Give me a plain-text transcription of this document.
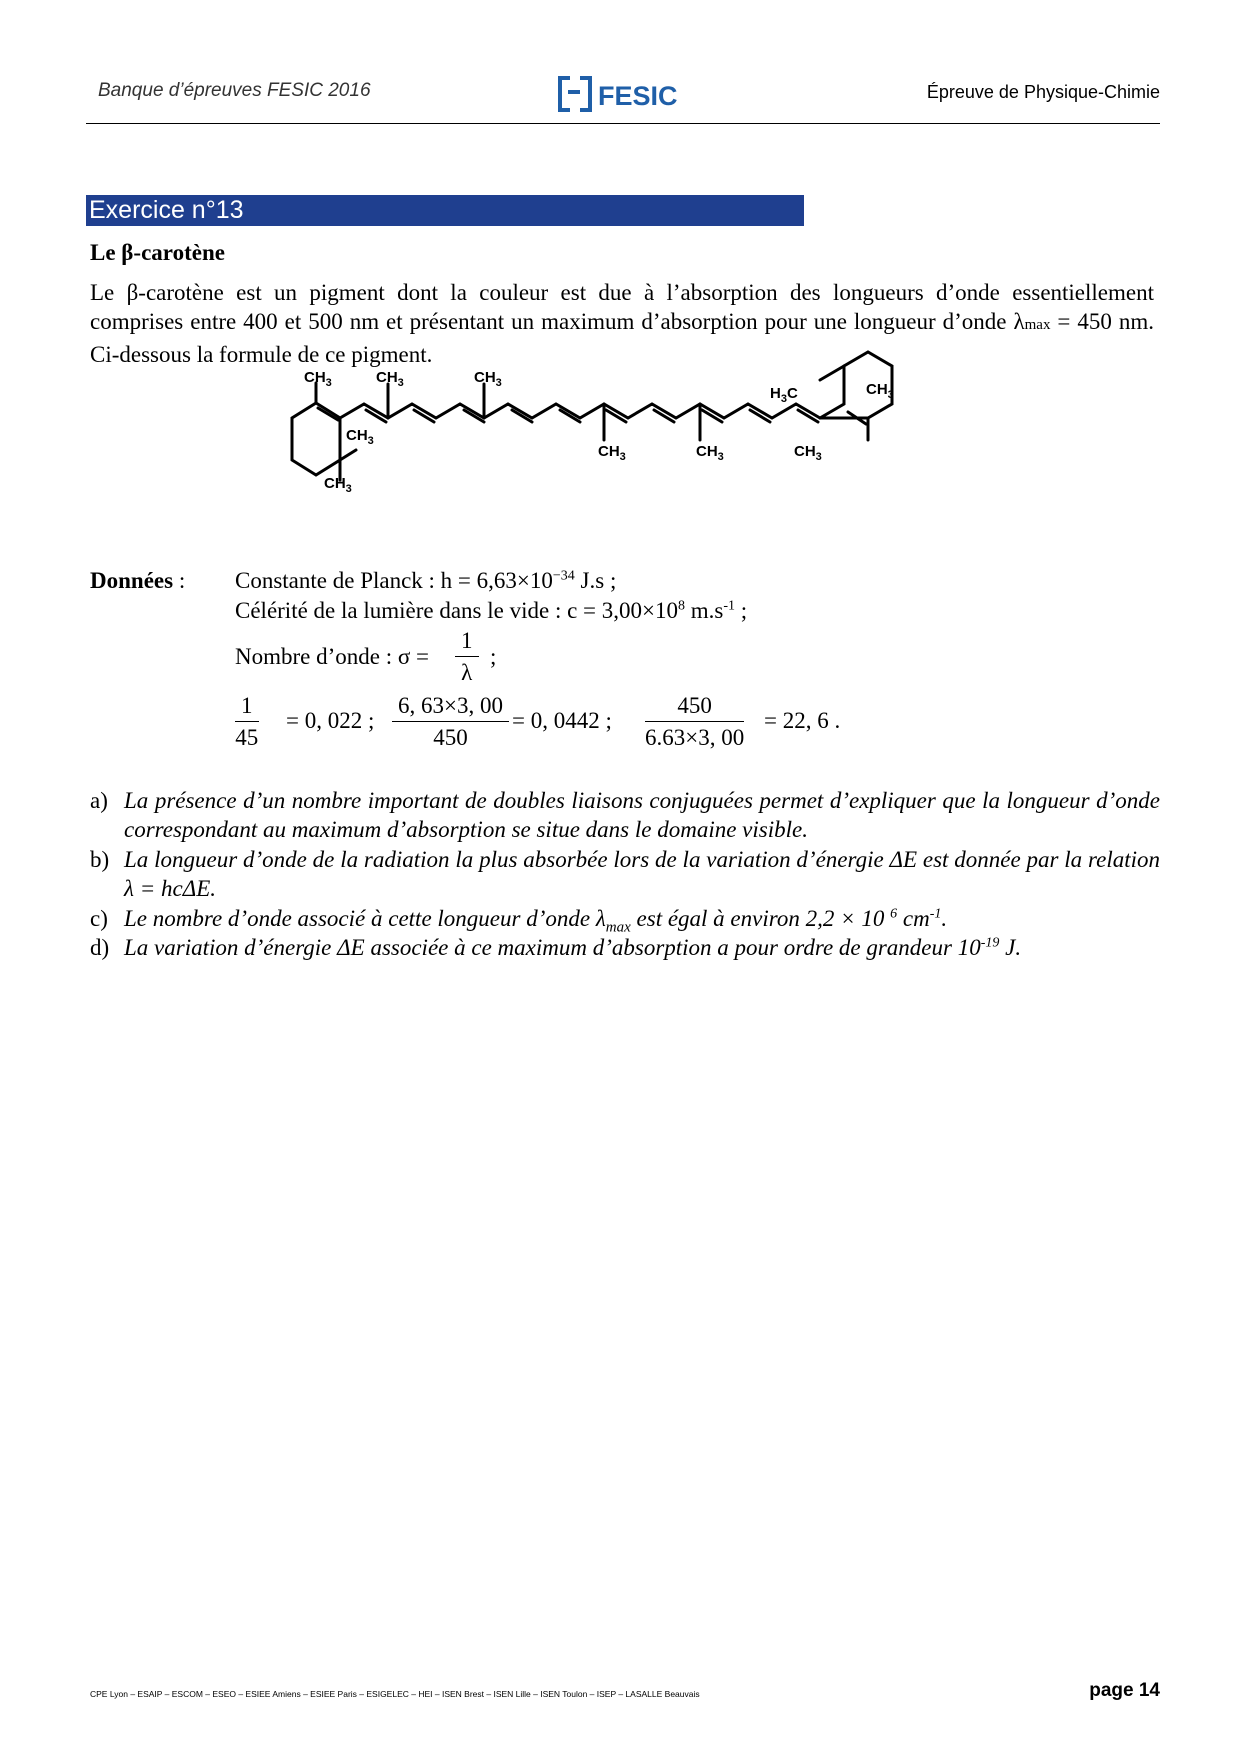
Banque d’épreuves FESIC 2016	FESIC	Épreuve de Physique-Chimie
Exercice n°13
Le β-carotène
Le β-carotène est un pigment dont la couleur est due à l’absorption des longueurs d’onde essentiellement comprises entre 400 et 500 nm et présentant un maximum d’absorption pour une longueur d’onde λmax = 450 nm. Ci-dessous la formule de ce pigment.
$CH_3$
$CH_3$
$CH_3$
$CH_3$	$CH_3$
$CH_3$	$CH_3$	$CH_3$
$H_3C$	$CH_3$
Données : Constante de Planck : $h = 6,63\times 10^{-34}$ J.s ;
Célérité de la lumière dans le vide : $c = 3,00\times 10^8$ $m.s^{-1}$ ;
Nombre d’onde : $\sigma = \frac{1}{\lambda}$ ;
$\frac{1}{45} = 0$, 022 ; $\frac{6, 63\times 3, 00}{450} = 0$, 0442 ; $\frac{450}{6.63\times 3, 00} = 22$, 6 .
a) La présence d’un nombre important de doubles liaisons conjuguées permet d’expliquer que la longueur d’onde correspondant au maximum d’absorption se situe dans le domaine visible.
b) La longueur d’onde de la radiation la plus absorbée lors de la variation d’énergie ΔE est donnée par la relation λ = hcΔE.
c) Le nombre d’onde associé à cette longueur d’onde $\lambda_{max}$ est égal à environ 2,2 × 10 $^6$ $cm^{-1}$.
d) La variation d’énergie ΔE associée à ce maximum d’absorption a pour ordre de grandeur $10^{-19}$ J.
CPE Lyon – ESAIP – ESCOM – ESEO – ESIEE Amiens – ESIEE Paris – ESIGELEC – HEI – ISEN Brest – ISEN Lille – ISEN Toulon – ISEP – LASALLE Beauvais	page 14
